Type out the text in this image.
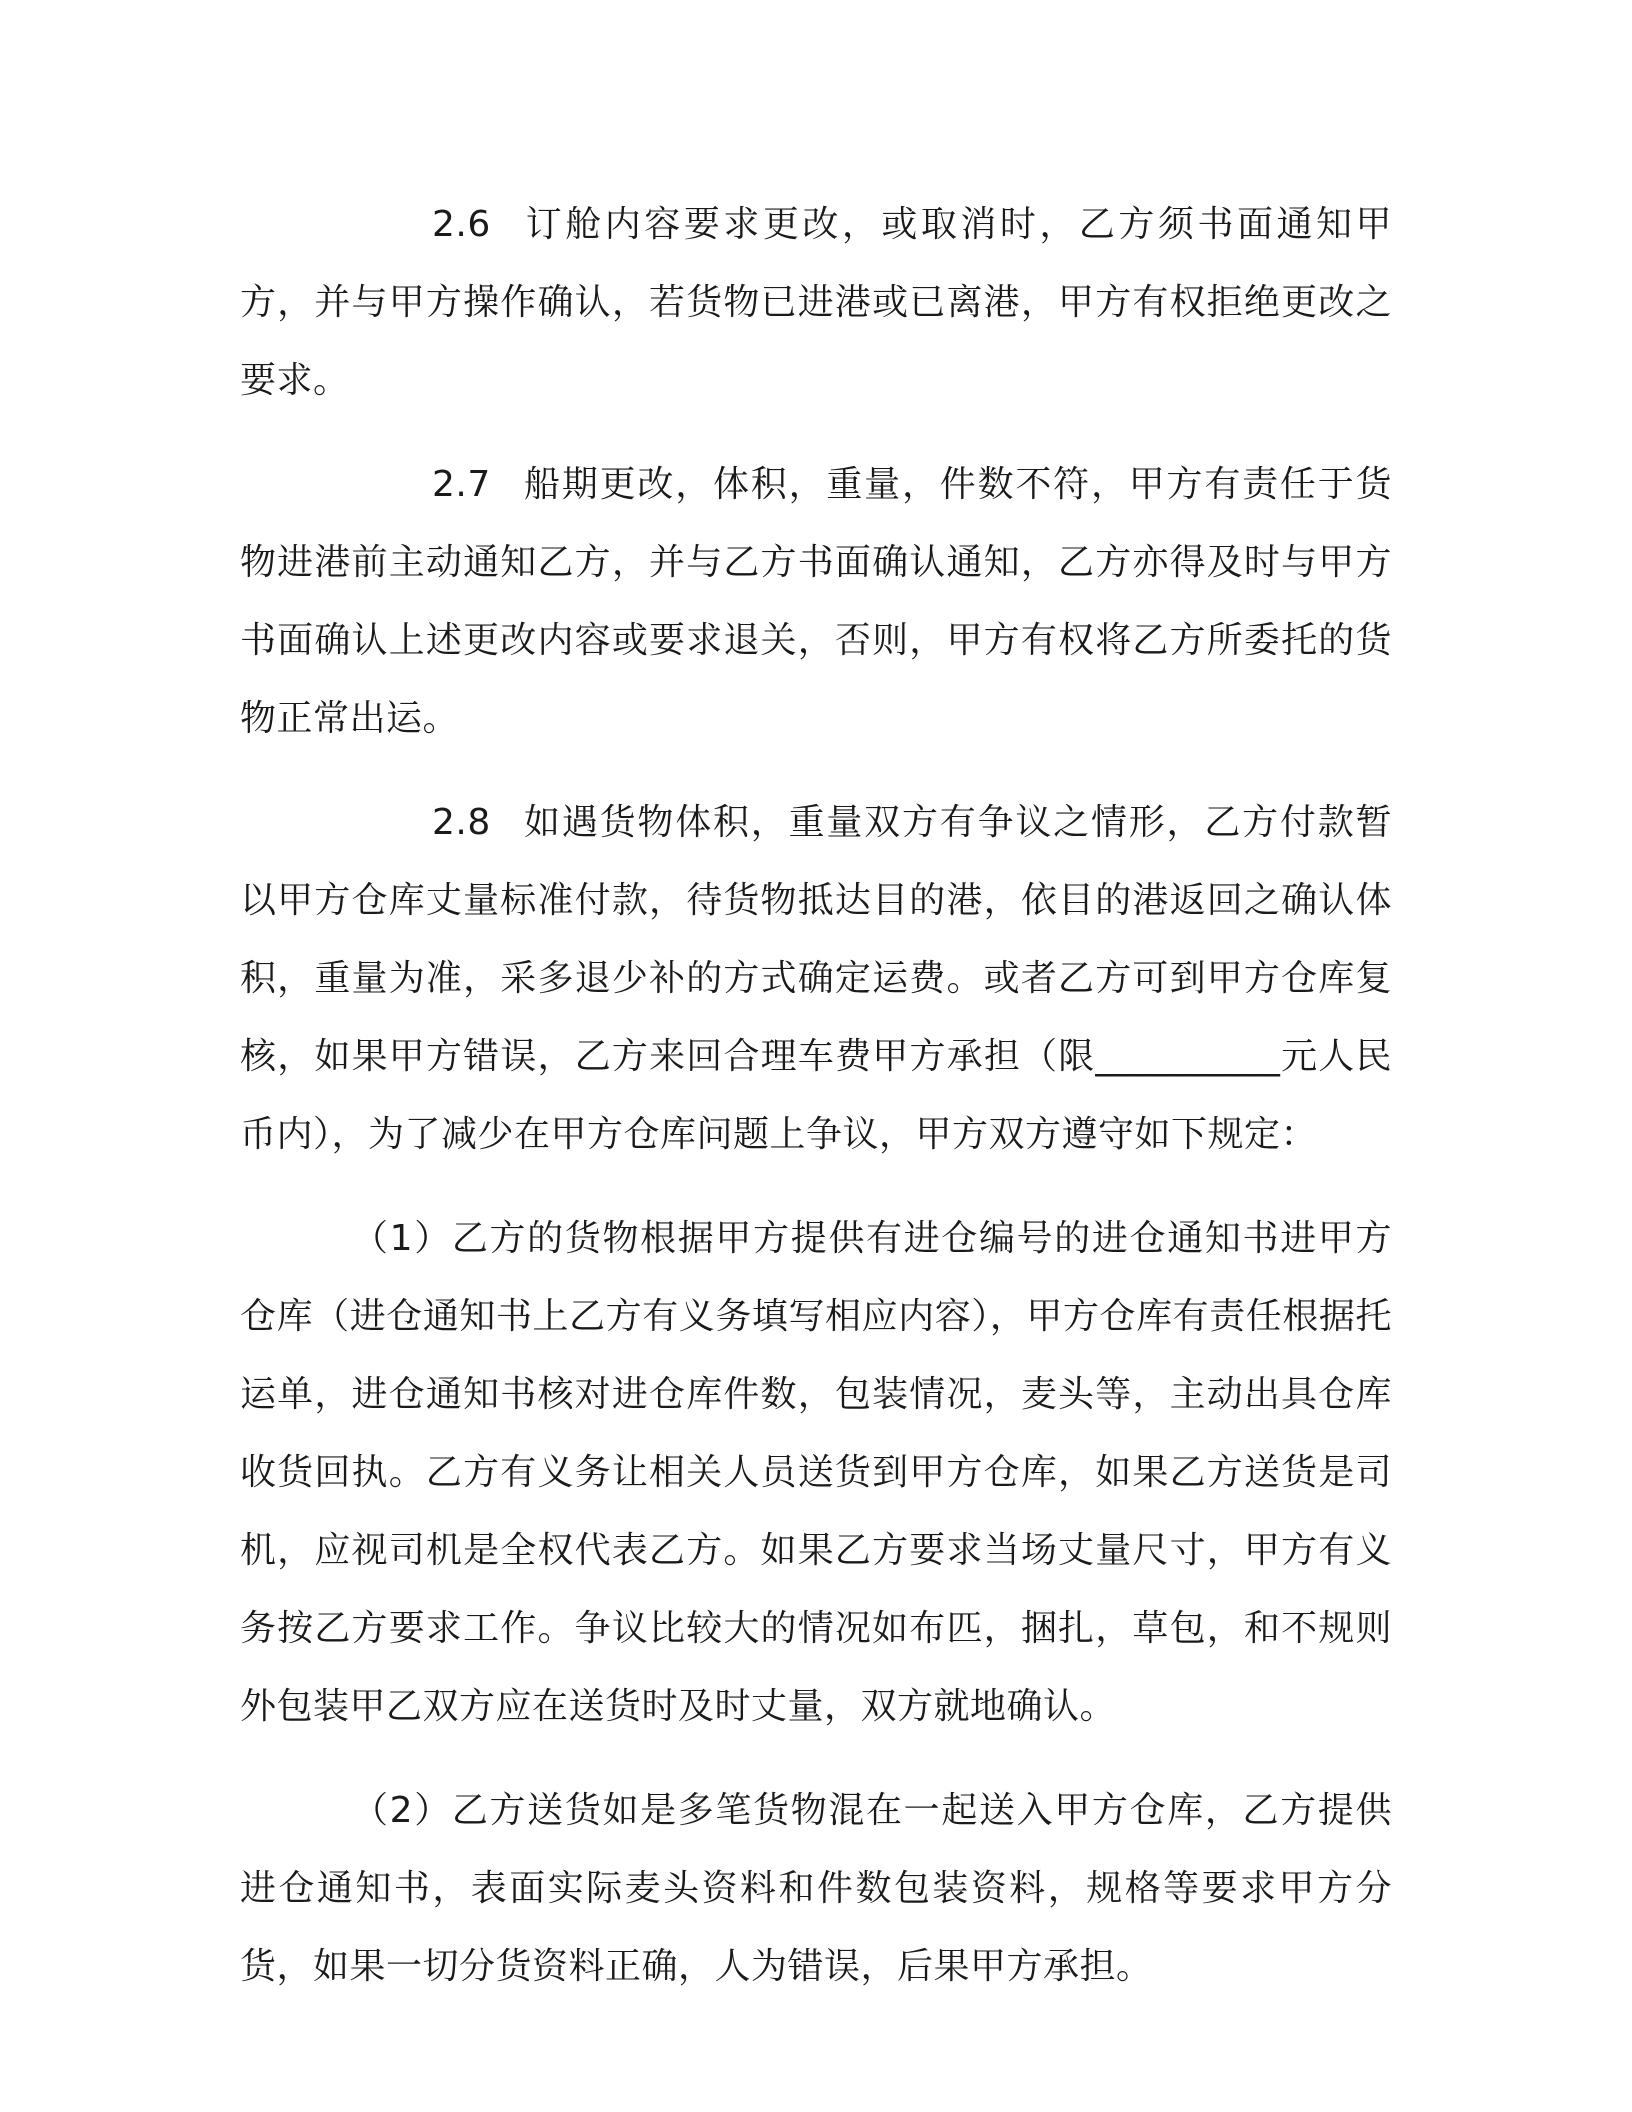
2.6 订舱内容要求更改，或取消时，乙方须书面通知甲方，并与甲方操作确认，若货物已进港或已离港，甲方有权拒绝更改之要求。

2.7 船期更改，体积，重量，件数不符，甲方有责任于货物进港前主动通知乙方，并与乙方书面确认通知，乙方亦得及时与甲方书面确认上述更改内容或要求退关，否则，甲方有权将乙方所委托的货物正常出运。

2.8 如遇货物体积，重量双方有争议之情形，乙方付款暂以甲方仓库丈量标准付款，待货物抵达目的港，依目的港返回之确认体积，重量为准，采多退少补的方式确定运费。或者乙方可到甲方仓库复核，如果甲方错误，乙方来回合理车费甲方承担（限__________元人民币内），为了减少在甲方仓库问题上争议，甲方双方遵守如下规定：

（1）乙方的货物根据甲方提供有进仓编号的进仓通知书进甲方仓库（进仓通知书上乙方有义务填写相应内容），甲方仓库有责任根据托运单，进仓通知书核对进仓库件数，包装情况，麦头等，主动出具仓库收货回执。乙方有义务让相关人员送货到甲方仓库，如果乙方送货是司机，应视司机是全权代表乙方。如果乙方要求当场丈量尺寸，甲方有义务按乙方要求工作。争议比较大的情况如布匹，捆扎，草包，和不规则外包装甲乙双方应在送货时及时丈量，双方就地确认。

（2）乙方送货如是多笔货物混在一起送入甲方仓库，乙方提供进仓通知书，表面实际麦头资料和件数包装资料，规格等要求甲方分货，如果一切分货资料正确，人为错误，后果甲方承担。
